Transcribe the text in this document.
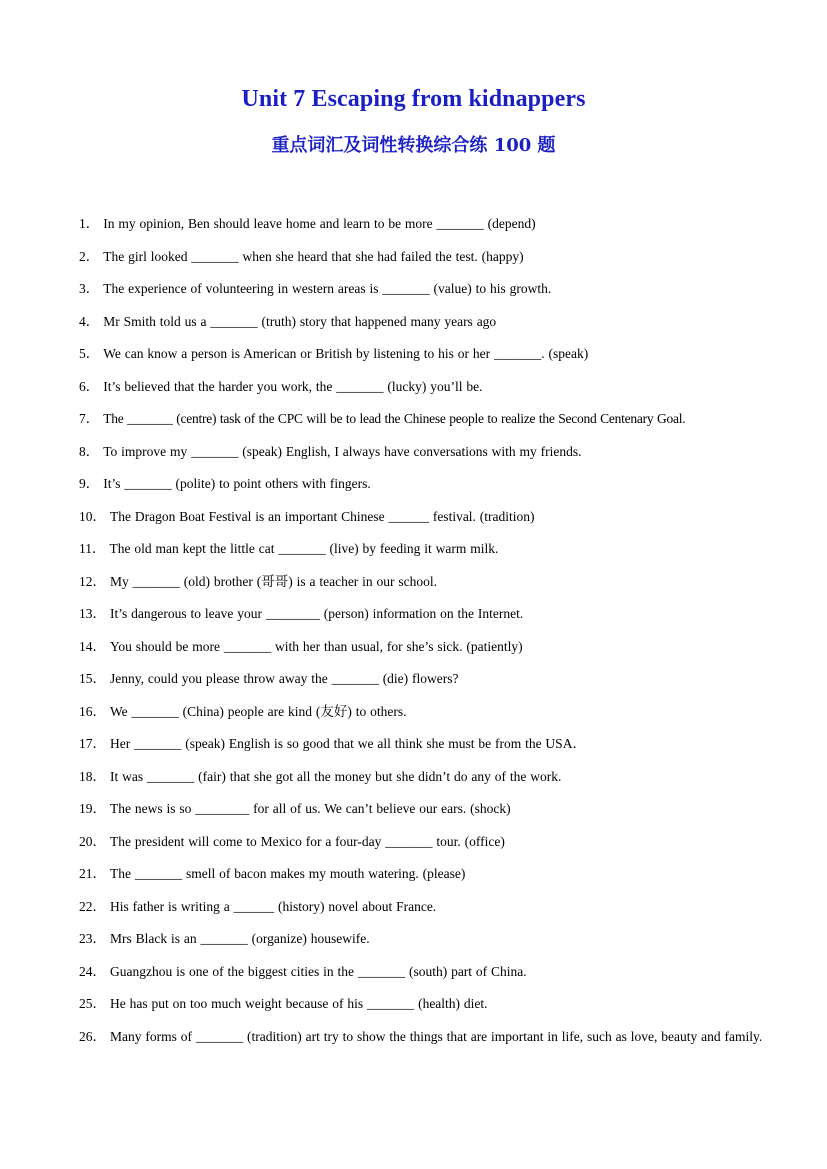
Unit 7 Escaping from kidnappers
重点词汇及词性转换综合练 100 题
1． In my opinion, Ben should leave home and learn to be more _______ (depend)
2． The girl looked _______ when she heard that she had failed the test. (happy)
3． The experience of volunteering in western areas is _______ (value) to his growth.
4． Mr Smith told us a _______ (truth) story that happened many years ago
5． We can know a person is American or British by listening to his or her _______. (speak)
6． It’s believed that the harder you work, the _______ (lucky) you’ll be.
7． The _______ (centre) task of the CPC will be to lead the Chinese people to realize the Second Centenary Goal.
8． To improve my _______ (speak) English, I always have conversations with my friends.
9． It’s _______ (polite) to point others with fingers.
10． The Dragon Boat Festival is an important Chinese ______ festival. (tradition)
11． The old man kept the little cat _______ (live) by feeding it warm milk.
12． My _______ (old) brother (哥哥) is a teacher in our school.
13． It’s dangerous to leave your ________ (person) information on the Internet.
14． You should be more _______ with her than usual, for she’s sick. (patiently)
15． Jenny, could you please throw away the _______ (die) flowers?
16． We _______ (China) people are kind (友好) to others.
17． Her _______ (speak) English is so good that we all think she must be from the USA．
18． It was _______ (fair) that she got all the money but she didn’t do any of the work.
19． The news is so ________ for all of us. We can’t believe our ears. (shock)
20． The president will come to Mexico for a four-day _______ tour. (office)
21． The _______ smell of bacon makes my mouth watering. (please)
22． His father is writing a ______ (history) novel about France.
23． Mrs Black is an _______ (organize) housewife.
24． Guangzhou is one of the biggest cities in the _______ (south) part of China.
25． He has put on too much weight because of his _______ (health) diet.
26． Many forms of _______ (tradition) art try to show the things that are important in life, such as love, beauty and family.
